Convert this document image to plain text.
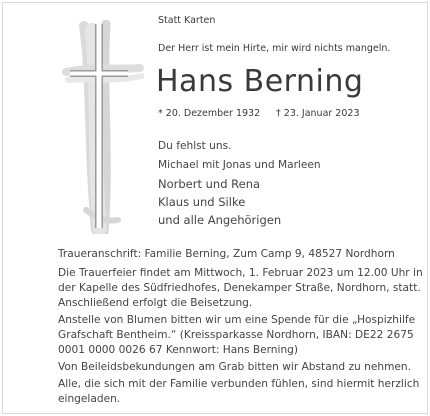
Statt Karten
Der Herr ist mein Hirte, mir wird nichts mangeln.
Hans Berning
* 20. Dezember 1932 † 23. Januar 2023
Du fehlst uns.
Michael mit Jonas und Marleen
Norbert und Rena
Klaus und Silke
und alle Angehörigen
Traueranschrift: Familie Berning, Zum Camp 9, 48527 Nordhorn
Die Trauerfeier findet am Mittwoch, 1. Februar 2023 um 12.00 Uhr in
der Kapelle des Südfriedhofes, Denekamper Straße, Nordhorn, statt.
Anschließend erfolgt die Beisetzung.
Anstelle von Blumen bitten wir um eine Spende für die „Hospizhilfe
Grafschaft Bentheim.“ (Kreissparkasse Nordhorn, IBAN: DE22 2675
0001 0000 0026 67 Kennwort: Hans Berning)
Von Beileidsbekundungen am Grab bitten wir Abstand zu nehmen.
Alle, die sich mit der Familie verbunden fühlen, sind hiermit herzlich
eingeladen.
